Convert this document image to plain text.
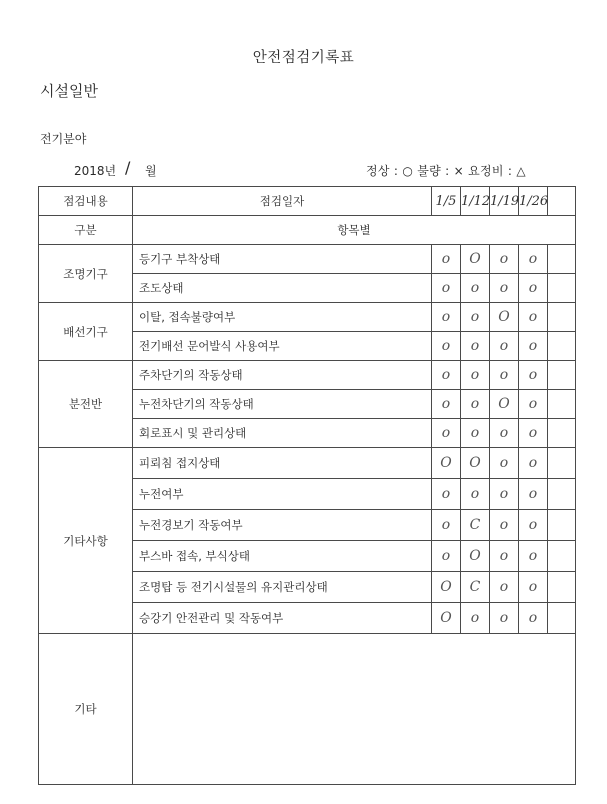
안전점검기록표
시설일반
전기분야
2018년 / 월	정상 : ○ 불량 : × 요정비 : △
점검내용	점검일자	1/5	1/12	1/19	1/26	
구분	항목별					
조명기구	등기구 부착상태	o	O	o	o	
	조도상태	o	o	o	o	
배선기구	이탈, 접속불량여부	o	o	O	o	
	전기배선 문어발식 사용여부	o	o	o	o	
분전반	주차단기의 작동상태	o	o	o	o	
	누전차단기의 작동상태	o	o	O	o	
	회로표시 및 관리상태	o	o	o	o	
기타사항	피뢰침 접지상태	O	O	o	o	
	누전여부	o	o	o	o	
	누전경보기 작동여부	o	C	o	o	
	부스바 접속, 부식상태	o	O	o	o	
	조명탑 등 전기시설물의 유지관리상태	O	C	o	o	
	승강기 안전관리 및 작동여부	O	o	o	o	
기타						
